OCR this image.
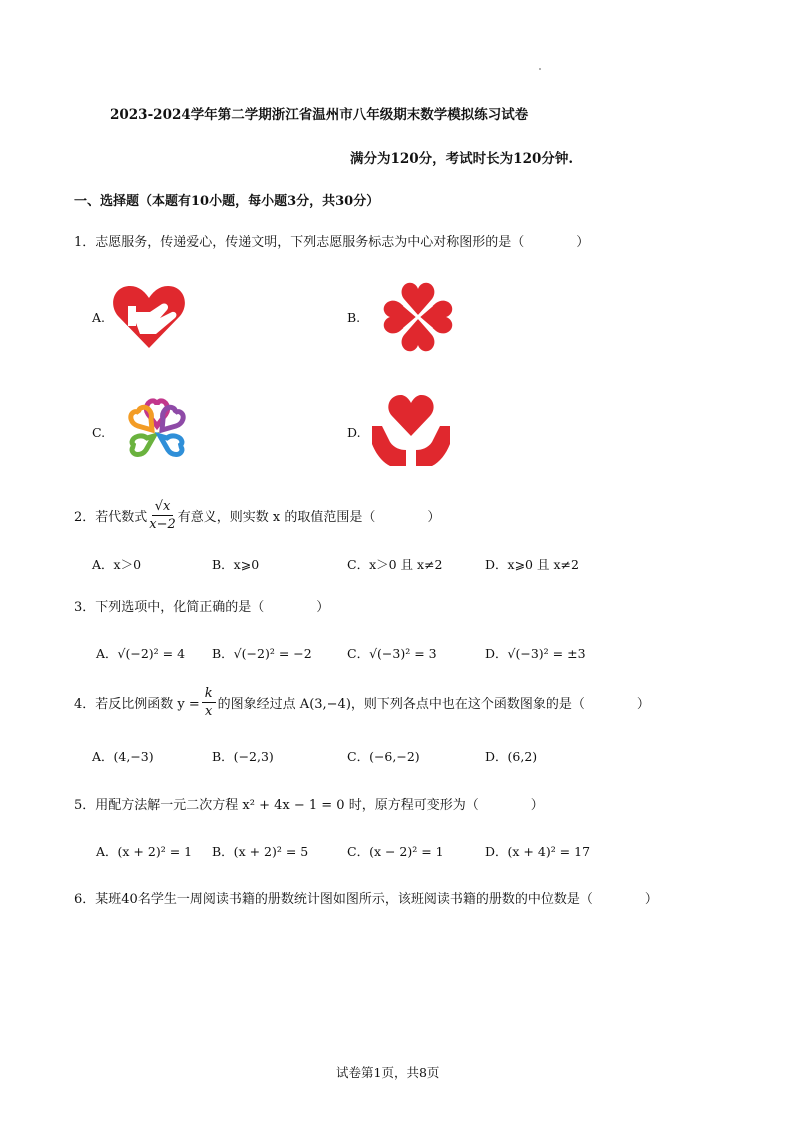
2023-2024学年第二学期浙江省温州市八年级期末数学模拟练习试卷
满分为120分，考试时长为120分钟.
一、选择题（本题有10小题，每小题3分，共30分）
1．志愿服务，传递爱心，传递文明，下列志愿服务标志为中心对称图形的是（　　　　）
A.	B.
C.	D.
2．若代数式 $\frac{√x}{x-2}$ 有意义，则实数 x 的取值范围是（　　　　）
A．x＞0	B．x⩾0	C．x＞0 且 x≠2	D．x⩾0 且 x≠2
3．下列选项中，化简正确的是（　　　　）
A．√(−2)² = 4 B．√(−2)² = −2	C．√(−3)² = 3	D．√(−3)² = ±3
4．若反比例函数 $y = \frac{k}{x}$ 的图象经过点 A(3,−4)，则下列各点中也在这个函数图象的是（　　　　）
A．(4,−3)	B．(−2,3)	C．(−6,−2)	D．(6,2)
5．用配方法解一元二次方程 x² + 4x − 1 = 0 时，原方程可变形为（　　　　）
A．(x + 2)² = 1 B．(x + 2)² = 5	C．(x − 2)² = 1	D．(x + 4)² = 17
6．某班40名学生一周阅读书籍的册数统计图如图所示，该班阅读书籍的册数的中位数是（　　　　）
试卷第1页，共8页
